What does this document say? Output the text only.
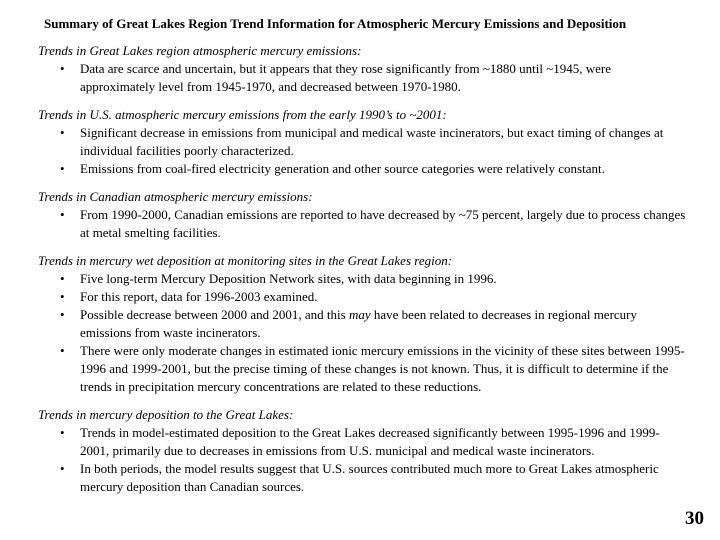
Summary of Great Lakes Region Trend Information for Atmospheric Mercury Emissions and Deposition
Trends in Great Lakes region atmospheric mercury emissions:
• Data are scarce and uncertain, but it appears that they rose significantly from ~1880 until ~1945, were approximately level from 1945-1970, and decreased between 1970-1980.
Trends in U.S. atmospheric mercury emissions from the early 1990’s to ~2001:
• Significant decrease in emissions from municipal and medical waste incinerators, but exact timing of changes at individual facilities poorly characterized.
• Emissions from coal-fired electricity generation and other source categories were relatively constant.
Trends in Canadian atmospheric mercury emissions:
• From 1990-2000, Canadian emissions are reported to have decreased by ~75 percent, largely due to process changes at metal smelting facilities.
Trends in mercury wet deposition at monitoring sites in the Great Lakes region:
• Five long-term Mercury Deposition Network sites, with data beginning in 1996.
• For this report, data for 1996-2003 examined.
• Possible decrease between 2000 and 2001, and this may have been related to decreases in regional mercury emissions from waste incinerators.
• There were only moderate changes in estimated ionic mercury emissions in the vicinity of these sites between 1995-1996 and 1999-2001, but the precise timing of these changes is not known. Thus, it is difficult to determine if the trends in precipitation mercury concentrations are related to these reductions.
Trends in mercury deposition to the Great Lakes:
• Trends in model-estimated deposition to the Great Lakes decreased significantly between 1995-1996 and 1999-2001, primarily due to decreases in emissions from U.S. municipal and medical waste incinerators.
• In both periods, the model results suggest that U.S. sources contributed much more to Great Lakes atmospheric mercury deposition than Canadian sources.
30
